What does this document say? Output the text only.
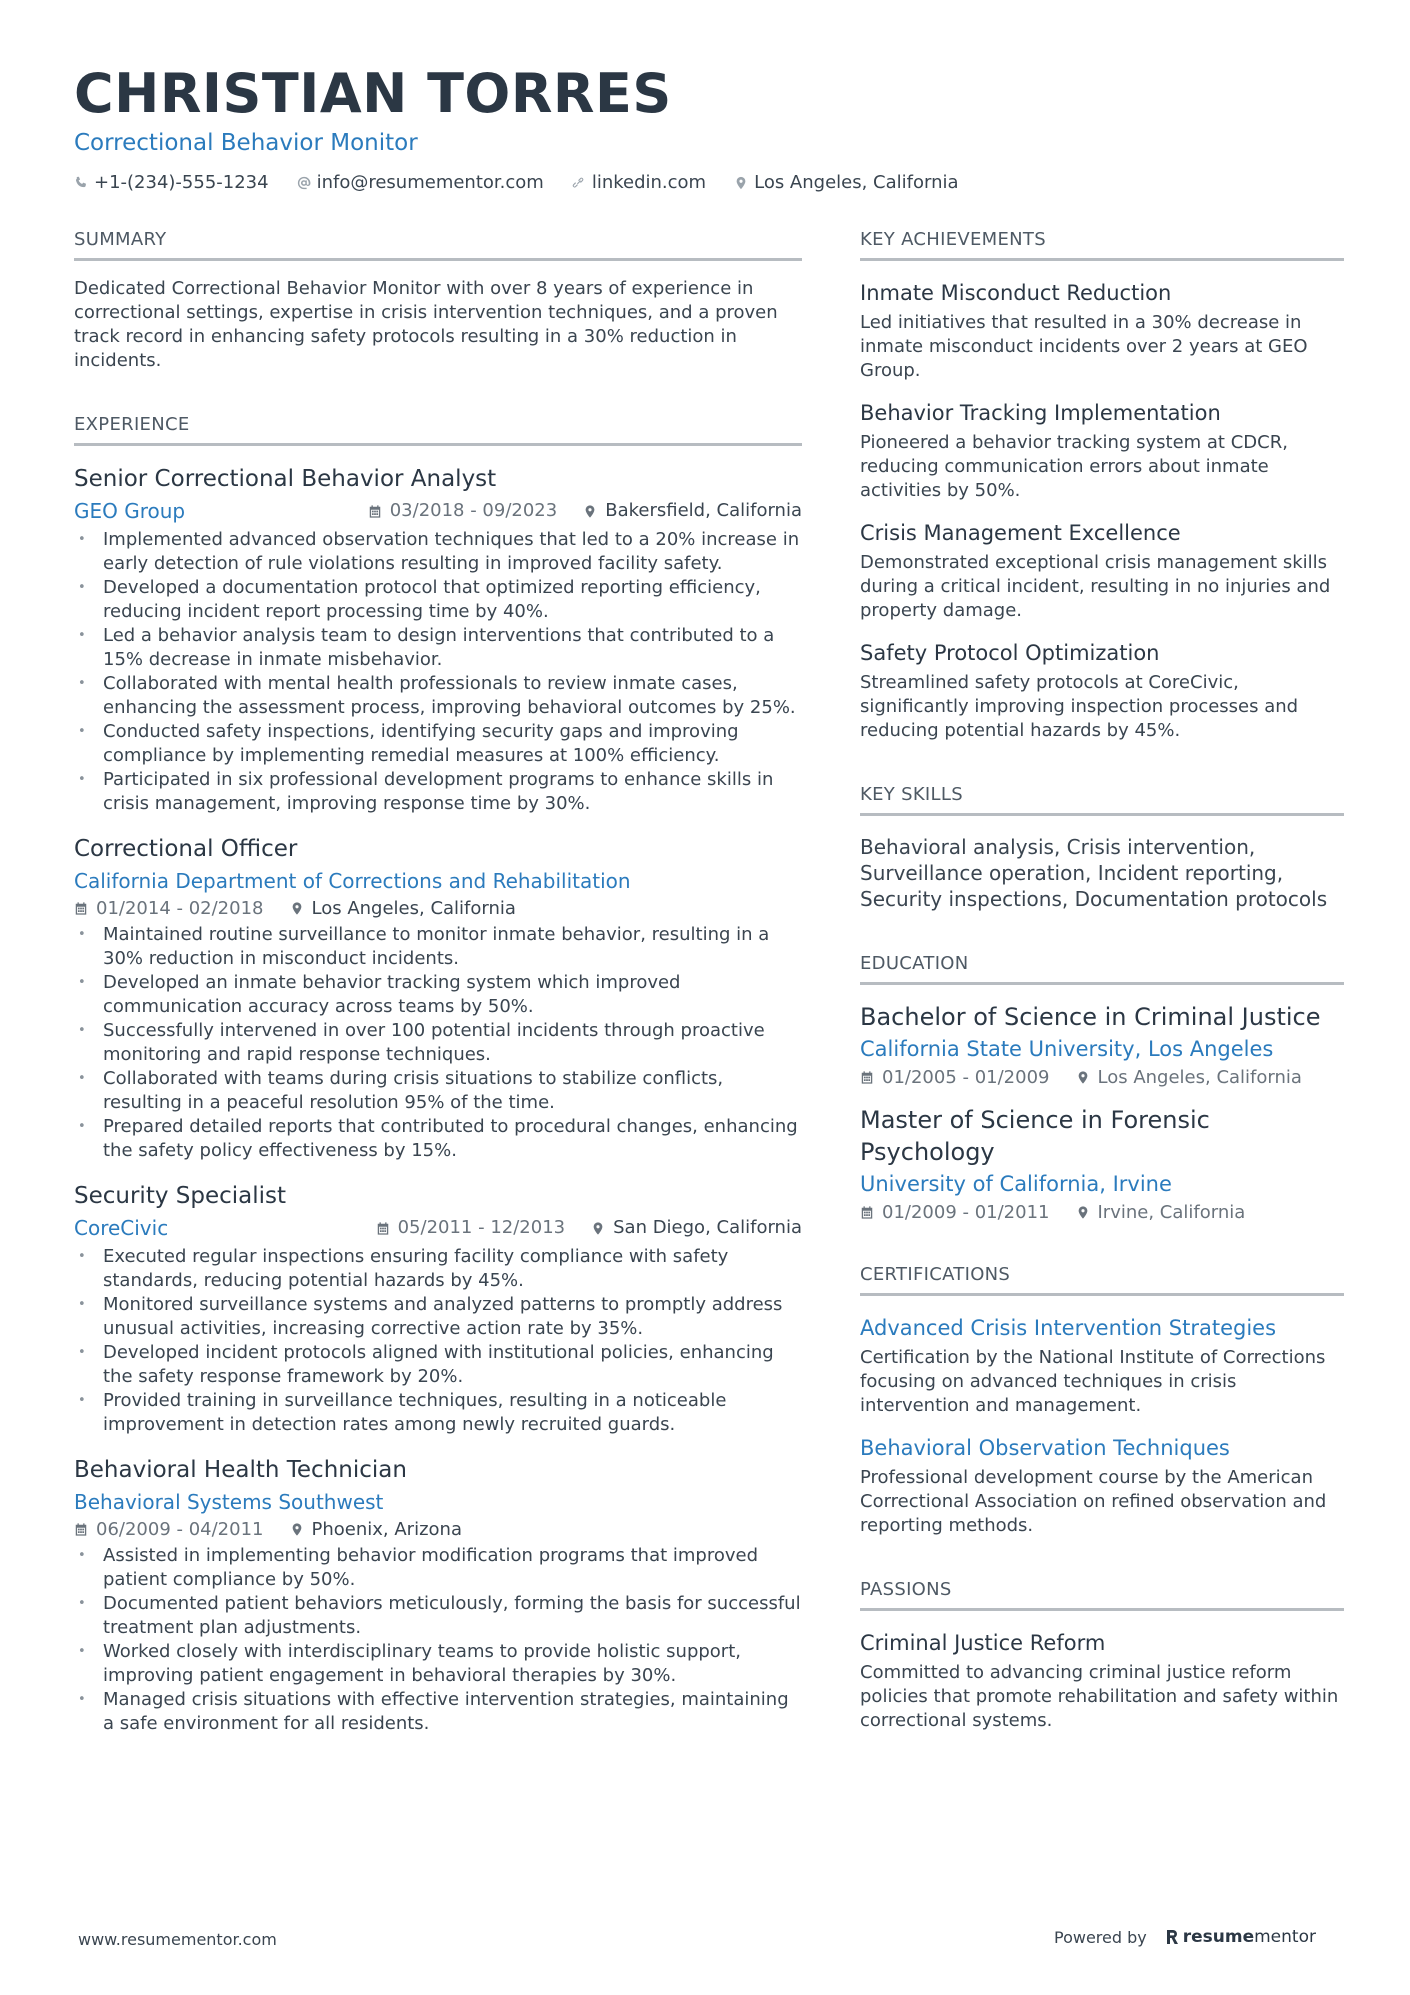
CHRISTIAN TORRES
Correctional Behavior Monitor
+1-(234)-555-1234	info@resumementor.com	linkedin.com	Los Angeles, California
SUMMARY
Dedicated Correctional Behavior Monitor with over 8 years of experience in correctional settings, expertise in crisis intervention techniques, and a proven track record in enhancing safety protocols resulting in a 30% reduction in incidents.
EXPERIENCE
Senior Correctional Behavior Analyst
GEO Group	03/2018 - 09/2023	Bakersfield, California
• Implemented advanced observation techniques that led to a 20% increase in early detection of rule violations resulting in improved facility safety.
• Developed a documentation protocol that optimized reporting efficiency, reducing incident report processing time by 40%.
• Led a behavior analysis team to design interventions that contributed to a 15% decrease in inmate misbehavior.
• Collaborated with mental health professionals to review inmate cases, enhancing the assessment process, improving behavioral outcomes by 25%.
• Conducted safety inspections, identifying security gaps and improving compliance by implementing remedial measures at 100% efficiency.
• Participated in six professional development programs to enhance skills in crisis management, improving response time by 30%.
Correctional Officer
California Department of Corrections and Rehabilitation
01/2014 - 02/2018	Los Angeles, California
• Maintained routine surveillance to monitor inmate behavior, resulting in a 30% reduction in misconduct incidents.
• Developed an inmate behavior tracking system which improved communication accuracy across teams by 50%.
• Successfully intervened in over 100 potential incidents through proactive monitoring and rapid response techniques.
• Collaborated with teams during crisis situations to stabilize conflicts, resulting in a peaceful resolution 95% of the time.
• Prepared detailed reports that contributed to procedural changes, enhancing the safety policy effectiveness by 15%.
Security Specialist
CoreCivic	05/2011 - 12/2013	San Diego, California
• Executed regular inspections ensuring facility compliance with safety standards, reducing potential hazards by 45%.
• Monitored surveillance systems and analyzed patterns to promptly address unusual activities, increasing corrective action rate by 35%.
• Developed incident protocols aligned with institutional policies, enhancing the safety response framework by 20%.
• Provided training in surveillance techniques, resulting in a noticeable improvement in detection rates among newly recruited guards.
Behavioral Health Technician
Behavioral Systems Southwest
06/2009 - 04/2011	Phoenix, Arizona
• Assisted in implementing behavior modification programs that improved patient compliance by 50%.
• Documented patient behaviors meticulously, forming the basis for successful treatment plan adjustments.
• Worked closely with interdisciplinary teams to provide holistic support, improving patient engagement in behavioral therapies by 30%.
• Managed crisis situations with effective intervention strategies, maintaining a safe environment for all residents.
KEY ACHIEVEMENTS
Inmate Misconduct Reduction
Led initiatives that resulted in a 30% decrease in inmate misconduct incidents over 2 years at GEO Group.
Behavior Tracking Implementation
Pioneered a behavior tracking system at CDCR, reducing communication errors about inmate activities by 50%.
Crisis Management Excellence
Demonstrated exceptional crisis management skills during a critical incident, resulting in no injuries and property damage.
Safety Protocol Optimization
Streamlined safety protocols at CoreCivic, significantly improving inspection processes and reducing potential hazards by 45%.
KEY SKILLS
Behavioral analysis, Crisis intervention, Surveillance operation, Incident reporting, Security inspections, Documentation protocols
EDUCATION
Bachelor of Science in Criminal Justice
California State University, Los Angeles
01/2005 - 01/2009	Los Angeles, California
Master of Science in Forensic Psychology
University of California, Irvine
01/2009 - 01/2011	Irvine, California
CERTIFICATIONS
Advanced Crisis Intervention Strategies
Certification by the National Institute of Corrections focusing on advanced techniques in crisis intervention and management.
Behavioral Observation Techniques
Professional development course by the American Correctional Association on refined observation and reporting methods.
PASSIONS
Criminal Justice Reform
Committed to advancing criminal justice reform policies that promote rehabilitation and safety within correctional systems.
www.resumementor.com	Powered by resumementor
